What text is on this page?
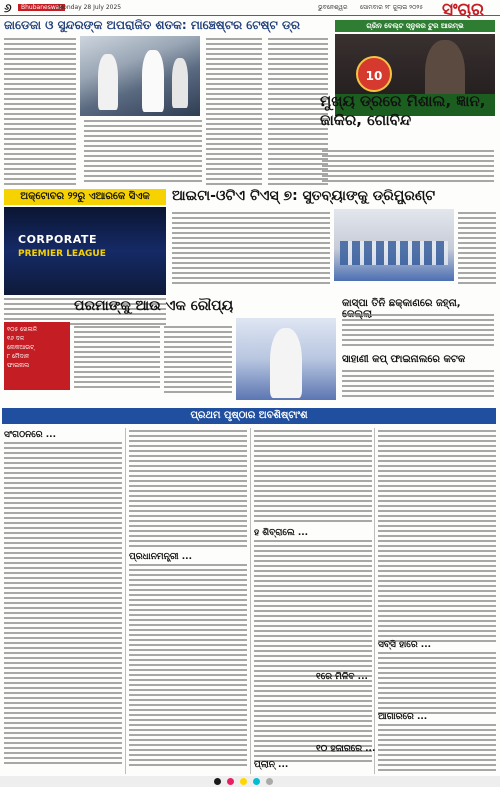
୬	Bhubaneswar
Monday 28 July 2025	ଭୁବନେଶ୍ୱର ସୋମବାର ୨୮ ଜୁଲାଇ ୨୦୨୫ ସଂଚାର
ଜାଡେଜା ଓ ସୁନ୍ଦରଙ୍କ ଅପରାଜିତ ଶତକ: ମାଞ୍ଚେଷ୍ଟର ଟେଷ୍ଟ ଡ୍ର	ଗ୍ରିନ ବେଲ୍ଟ ସ୍ନୁକର ଟୁର ଆରମ୍ଭ
10
ମୁଖ୍ୟ ଡ୍ରରେ ମିଶାଲ, ଜ୍ଞାନ, ଜାକିର, ଗୋବିନ୍ଦ
ଅକ୍ଟୋବର ୨୨ରୁ ଏଆରକେ ସିଏକ
CORPORATE
PREMIER LEAGUE
୧୦୫ ଖେଳାଳି
୧୬ ଦଳ
ନୋକଆଉଟ୍
୮ ମୈଦାନ
ଫାଇନାଲ
ଆଇଟା-ଓଟିଏ ଟିଏସ୍ ୭: ସୁତବ୍ୟାଙ୍କୁ ଡ୍ରିମ୍ଫ୍ରଣ୍ଟ
ପରମାଙ୍କୁ ଆଉ ଏକ ରୌପ୍ୟ	କାସ୍ପା ତିନି ଛକ୍କାଣରେ ଜହ୍ନା,
ସାହାଣୀ କପ୍ ଫାଇନାଲରେ କଟକ
ପ୍ରଥମ ପୃଷ୍ଠାର ଅବଶିଷ୍ଟାଂଶ
ସଂଗଠନରେ ...
ପ୍ରଧାନମନ୍ତ୍ରୀ ...
ହ ଶିବ୍ରାଲେ ...
୧ରେ ମିଳିବ ...
୧୦ ହଜାରରେ ...
ସବ୍ସି ହାରେ ...
ଆଗାରରେ ...
ପ୍ଲାନ୍ ...
